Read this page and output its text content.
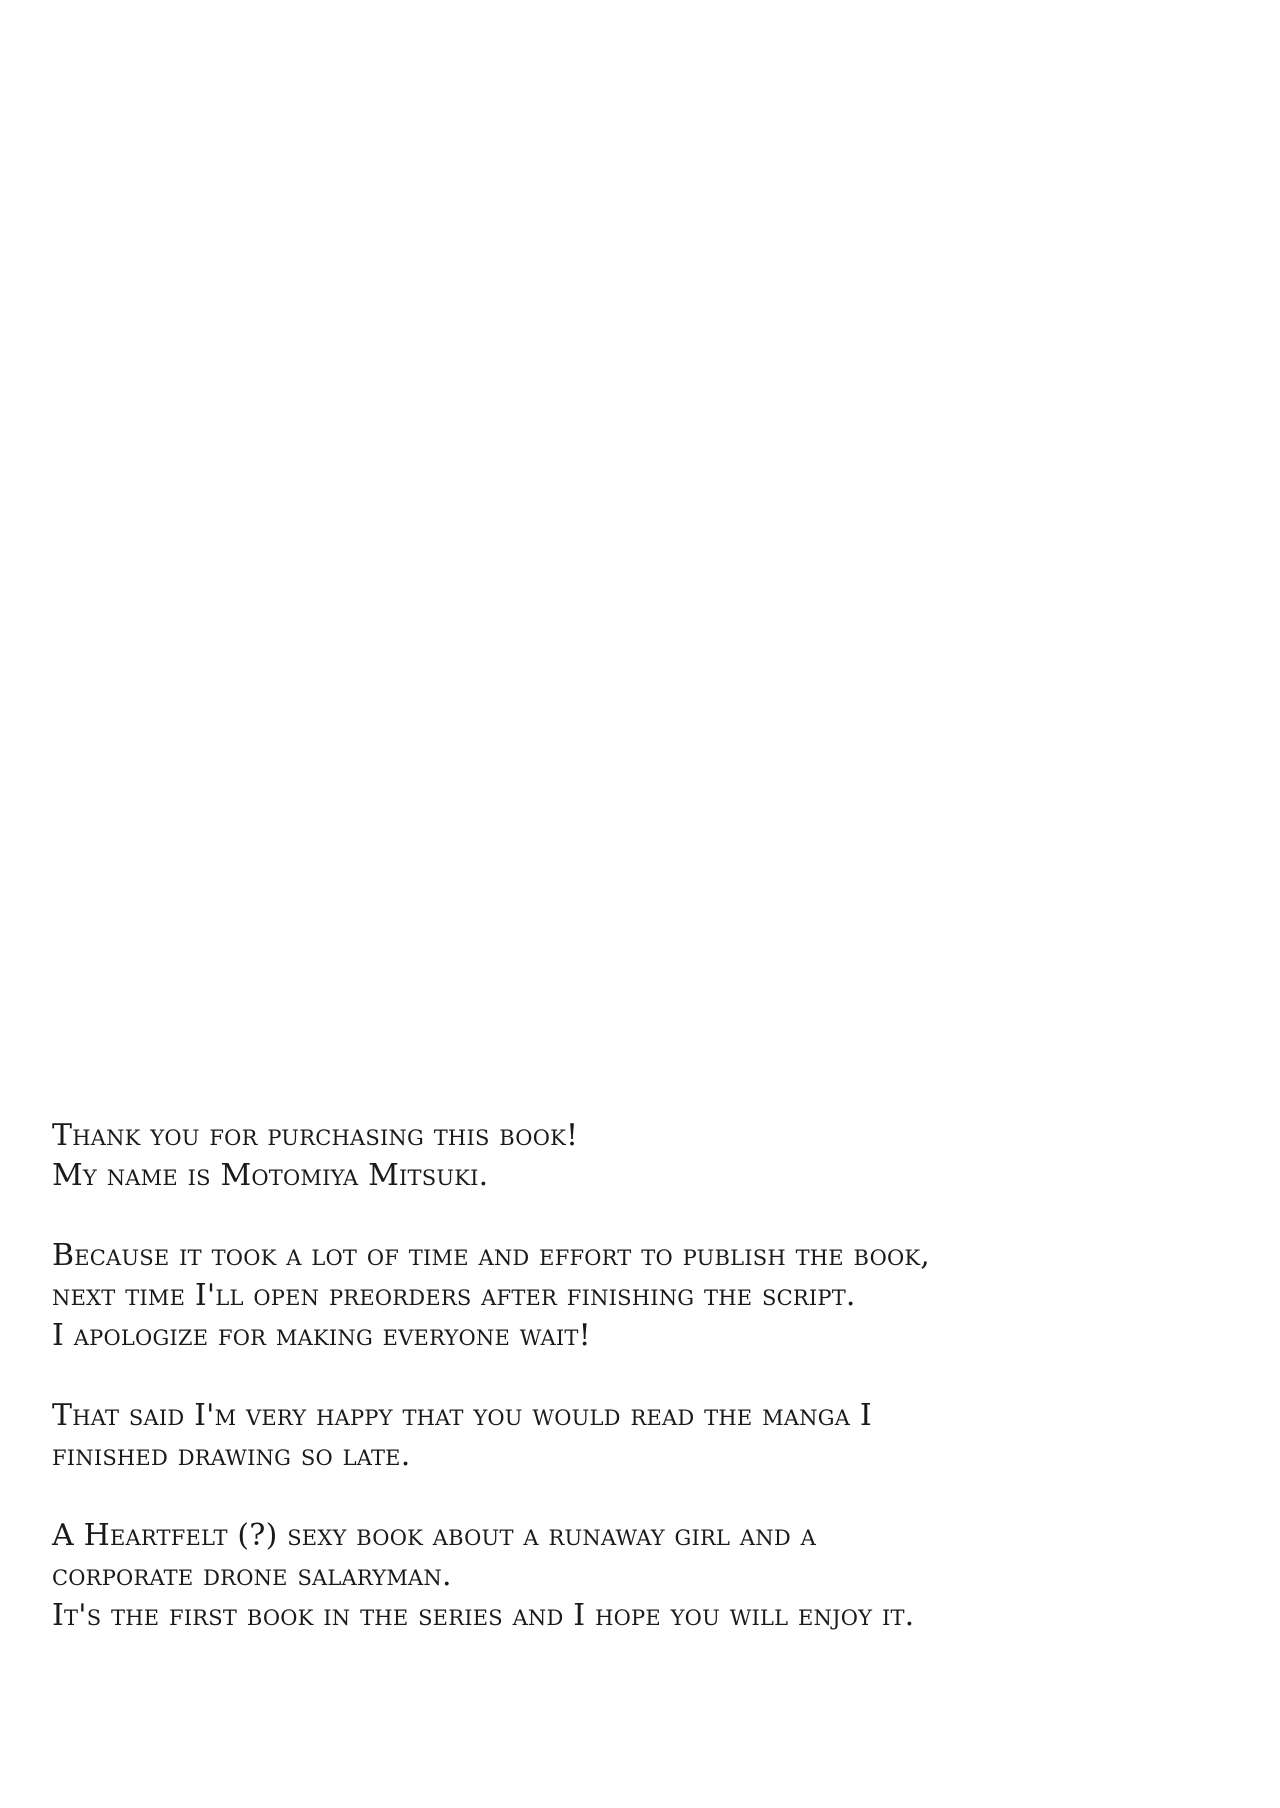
Thank you for purchasing this book!
My name is Motomiya Mitsuki.

Because it took a lot of time and effort to publish the book,
next time I'll open preorders after finishing the script.
I apologize for making everyone wait!

That said I'm very happy that you would read the manga I
finished drawing so late.

A Heartfelt (?) sexy book about a runaway girl and a
corporate drone salaryman.
It's the first book in the series and I hope you will enjoy it.
